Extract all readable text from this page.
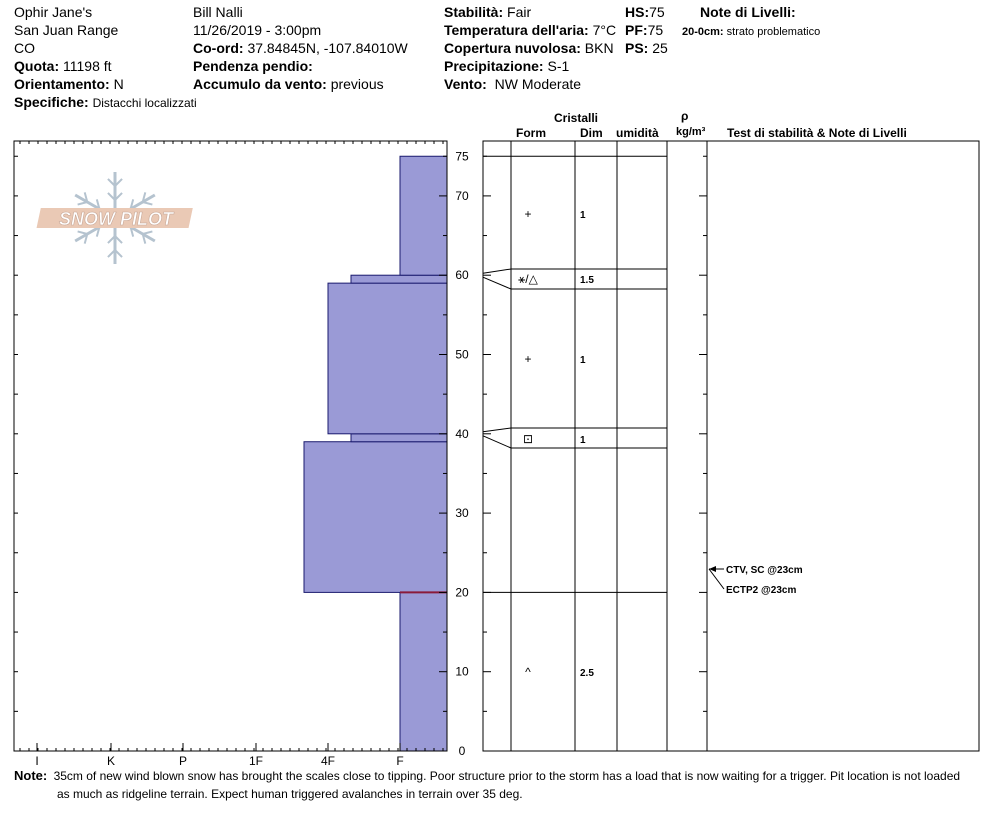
Ophir Jane's
San Juan Range
CO
Quota: 11198 ft
Orientamento: N
Specifiche: Distacchi localizzati
Bill Nalli
11/26/2019 - 3:00pm
Co-ord: 37.84845N, -107.84010W
Pendenza pendio:
Accumulo da vento: previous
Stabilità: Fair
Temperatura dell'aria: 7°C
Copertura nuvolosa: BKN
Precipitazione: S-1
Vento: NW Moderate
HS:75
PF:75
PS: 25
Note di Livelli:
20-0cm: strato problematico
Cristalli
Form	Dim umidità
ρ
kg/m³ Test di stabilità & Note di Livelli
SNOW PILOT
0
10
20
30
40
50
60
70
75
I	K	P	1F	4F	F
+	1
⚹/△	1.5
+	1
⊡	1
^	2.5
CTV, SC @23cm
ECTP2 @23cm
Note: 35cm of new wind blown snow has brought the scales close to tipping. Poor structure prior to the storm has a load that is now waiting for a trigger. Pit location is not loaded
as much as ridgeline terrain. Expect human triggered avalanches in terrain over 35 deg.
